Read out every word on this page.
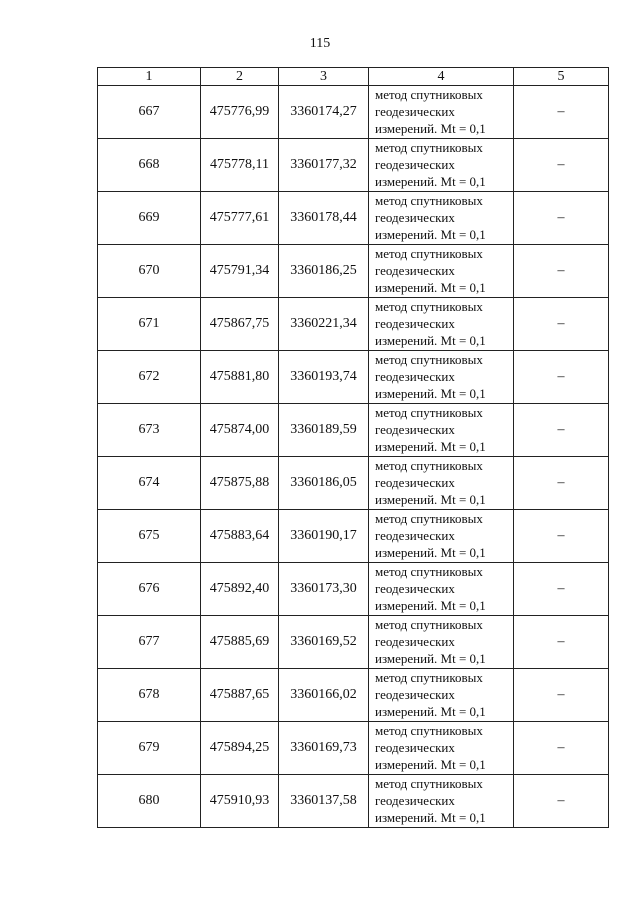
115
1	2	3	4	5
667	475776,99	3360174,27	метод спутниковых геодезических измерений. Mt = 0,1	–
668	475778,11	3360177,32	метод спутниковых геодезических измерений. Mt = 0,1	–
669	475777,61	3360178,44	метод спутниковых геодезических измерений. Mt = 0,1	–
670	475791,34	3360186,25	метод спутниковых геодезических измерений. Mt = 0,1	–
671	475867,75	3360221,34	метод спутниковых геодезических измерений. Mt = 0,1	–
672	475881,80	3360193,74	метод спутниковых геодезических измерений. Mt = 0,1	–
673	475874,00	3360189,59	метод спутниковых геодезических измерений. Mt = 0,1	–
674	475875,88	3360186,05	метод спутниковых геодезических измерений. Mt = 0,1	–
675	475883,64	3360190,17	метод спутниковых геодезических измерений. Mt = 0,1	–
676	475892,40	3360173,30	метод спутниковых геодезических измерений. Mt = 0,1	–
677	475885,69	3360169,52	метод спутниковых геодезических измерений. Mt = 0,1	–
678	475887,65	3360166,02	метод спутниковых геодезических измерений. Mt = 0,1	–
679	475894,25	3360169,73	метод спутниковых геодезических измерений. Mt = 0,1	–
680	475910,93	3360137,58	метод спутниковых геодезических измерений. Mt = 0,1	–
